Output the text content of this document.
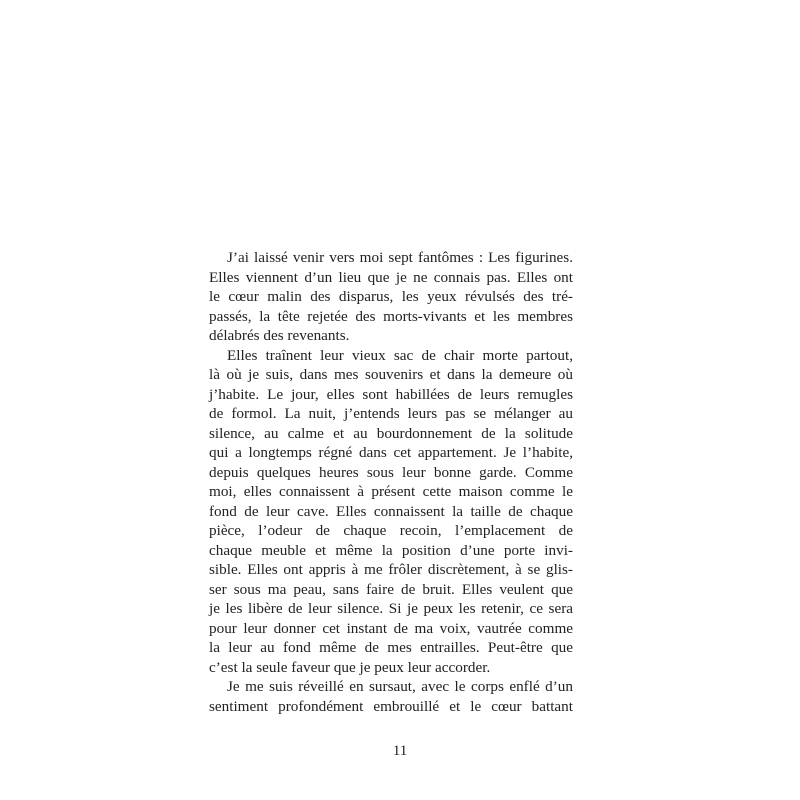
J’ai laissé venir vers moi sept fantômes : Les figurines.
Elles viennent d’un lieu que je ne connais pas. Elles ont
le cœur malin des disparus, les yeux révulsés des tré-
passés, la tête rejetée des morts-vivants et les membres
délabrés des revenants.
Elles traînent leur vieux sac de chair morte partout,
là où je suis, dans mes souvenirs et dans la demeure où
j’habite. Le jour, elles sont habillées de leurs remugles
de formol. La nuit, j’entends leurs pas se mélanger au
silence, au calme et au bourdonnement de la solitude
qui a longtemps régné dans cet appartement. Je l’habite,
depuis quelques heures sous leur bonne garde. Comme
moi, elles connaissent à présent cette maison comme le
fond de leur cave. Elles connaissent la taille de chaque
pièce, l’odeur de chaque recoin, l’emplacement de
chaque meuble et même la position d’une porte invi-
sible. Elles ont appris à me frôler discrètement, à se glis-
ser sous ma peau, sans faire de bruit. Elles veulent que
je les libère de leur silence. Si je peux les retenir, ce sera
pour leur donner cet instant de ma voix, vautrée comme
la leur au fond même de mes entrailles. Peut-être que
c’est la seule faveur que je peux leur accorder.
Je me suis réveillé en sursaut, avec le corps enflé d’un
sentiment profondément embrouillé et le cœur battant
11
